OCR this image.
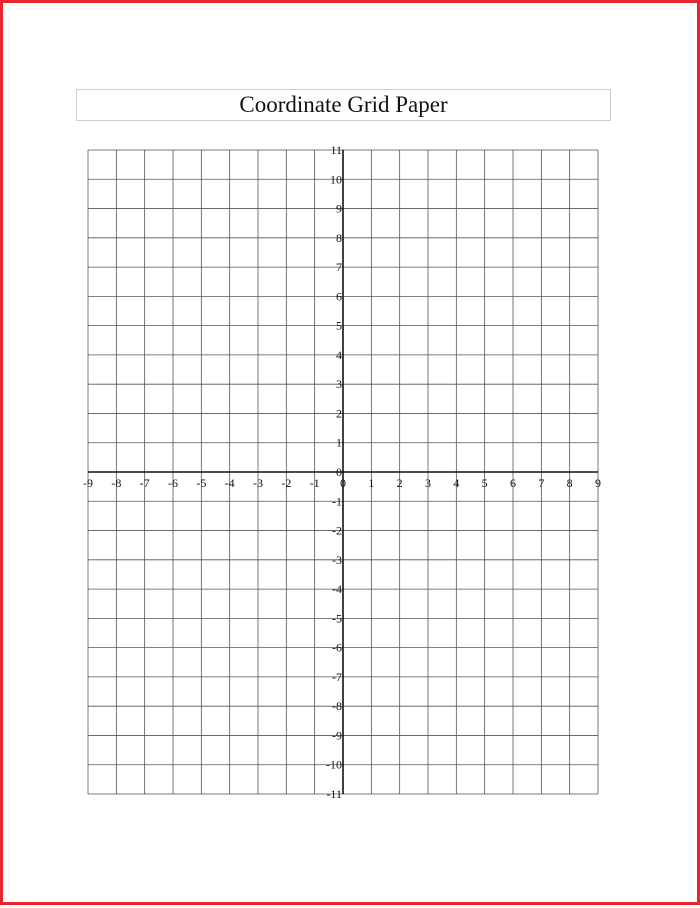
Coordinate Grid Paper
-9 -8 -7 -6 -5 -4 -3 -2 -1 0 1 2 3 4 5 6 7 8 9
11
10
9
8
7
6
5
4
3
2
1
0
-1
-2
-3
-4
-5
-6
-7
-8
-9
-10
-11
